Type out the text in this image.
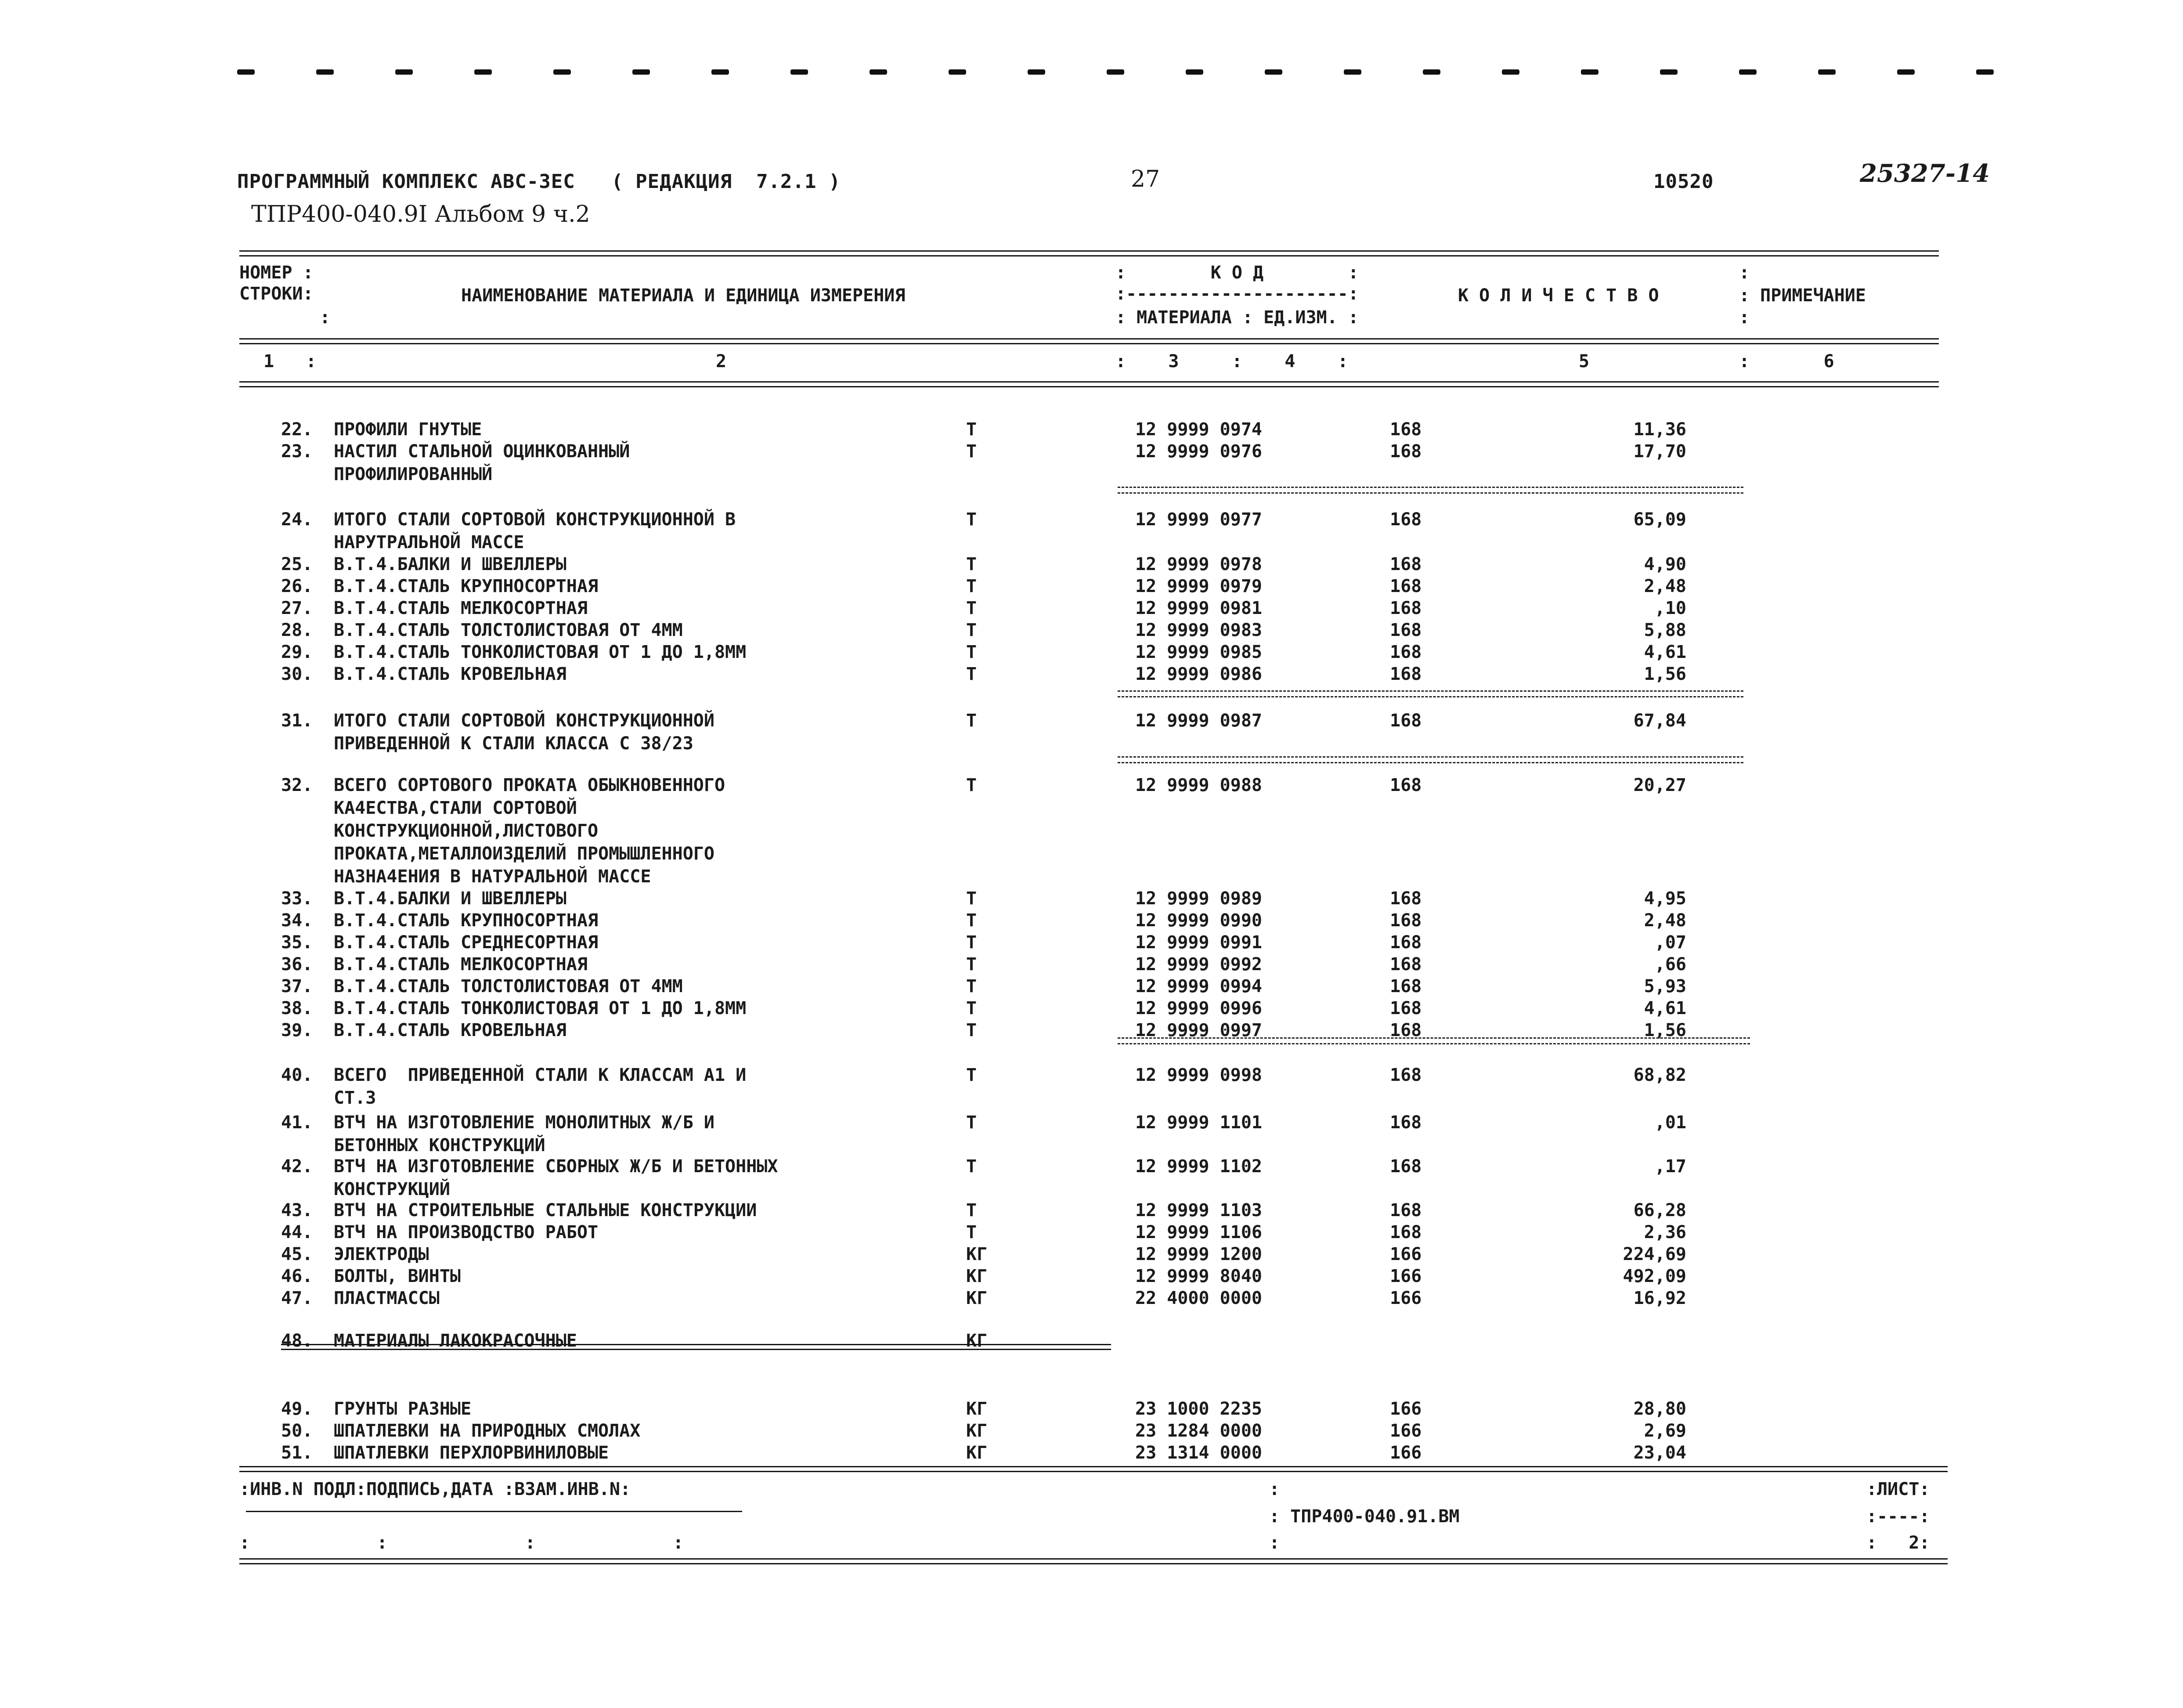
ПРОГРАММНЫЙ КОМПЛЕКС АВС-3ЕС   ( РЕДАКЦИЯ  7.2.1 )	27	10520	25327-14
ТПР400-040.9I Альбом 9 ч.2
НОМЕР :
СТРОКИ:
:
НАИМЕНОВАНИЕ МАТЕРИАЛА И ЕДИНИЦА ИЗМЕРЕНИЯ
:        К О Д        :
:---------------------:
: МАТЕРИАЛА : ЕД.ИЗМ. :
К О Л И Ч Е С Т В О
:
: ПРИМЕЧАНИЕ
:
1   :	2	:    3     :    4    :	5	:       6
22. ПРОФИЛИ ГНУТЫЕ	Т	12 9999 0974	168	11,36
23. НАСТИЛ СТАЛЬНОЙ ОЦИНКОВАННЫЙ
ПРОФИЛИРОВАННЫЙ
Т	12 9999 0976	168	17,70
24. ИТОГО СТАЛИ СОРТОВОЙ КОНСТРУКЦИОННОЙ В
НАРУТРАЛЬНОЙ МАССЕ
Т	12 9999 0977	168	65,09
25. В.Т.4.БАЛКИ И ШВЕЛЛЕРЫ	Т	12 9999 0978	168	4,90
26. В.Т.4.СТАЛЬ КРУПНОСОРТНАЯ	Т	12 9999 0979	168	2,48
27. В.Т.4.СТАЛЬ МЕЛКОСОРТНАЯ	Т	12 9999 0981	168	,10
28. В.Т.4.СТАЛЬ ТОЛСТОЛИСТОВАЯ ОТ 4ММ	Т	12 9999 0983	168	5,88
29. В.Т.4.СТАЛЬ ТОНКОЛИСТОВАЯ ОТ 1 ДО 1,8ММ	Т	12 9999 0985	168	4,61
30. В.Т.4.СТАЛЬ КРОВЕЛЬНАЯ	Т	12 9999 0986	168	1,56
31. ИТОГО СТАЛИ СОРТОВОЙ КОНСТРУКЦИОННОЙ
ПРИВЕДЕННОЙ К СТАЛИ КЛАССА С 38/23
Т	12 9999 0987	168	67,84
32. ВСЕГО СОРТОВОГО ПРОКАТА ОБЫКНОВЕННОГО
КА4ЕСТВА,СТАЛИ СОРТОВОЙ
КОНСТРУКЦИОННОЙ,ЛИСТОВОГО
ПРОКАТА,МЕТАЛЛОИЗДЕЛИЙ ПРОМЫШЛЕННОГО
НАЗНА4ЕНИЯ В НАТУРАЛЬНОЙ МАССЕ
Т	12 9999 0988	168	20,27
33. В.Т.4.БАЛКИ И ШВЕЛЛЕРЫ	Т	12 9999 0989	168	4,95
34. В.Т.4.СТАЛЬ КРУПНОСОРТНАЯ	Т	12 9999 0990	168	2,48
35. В.Т.4.СТАЛЬ СРЕДНЕСОРТНАЯ	Т	12 9999 0991	168	,07
36. В.Т.4.СТАЛЬ МЕЛКОСОРТНАЯ	Т	12 9999 0992	168	,66
37. В.Т.4.СТАЛЬ ТОЛСТОЛИСТОВАЯ ОТ 4ММ	Т	12 9999 0994	168	5,93
38. В.Т.4.СТАЛЬ ТОНКОЛИСТОВАЯ ОТ 1 ДО 1,8ММ	Т	12 9999 0996	168	4,61
39. В.Т.4.СТАЛЬ КРОВЕЛЬНАЯ	Т	12 9999 0997	168	1,56
40. ВСЕГО  ПРИВЕДЕННОЙ СТАЛИ К КЛАССАМ А1 И
СТ.3
Т	12 9999 0998	168	68,82
41. ВТЧ НА ИЗГОТОВЛЕНИЕ МОНОЛИТНЫХ Ж/Б И
БЕТОННЫХ КОНСТРУКЦИЙ
Т	12 9999 1101	168	,01
42. ВТЧ НА ИЗГОТОВЛЕНИЕ СБОРНЫХ Ж/Б И БЕТОННЫХ
КОНСТРУКЦИЙ
Т	12 9999 1102	168	,17
43. ВТЧ НА СТРОИТЕЛЬНЫЕ СТАЛЬНЫЕ КОНСТРУКЦИИ	Т	12 9999 1103	168	66,28
44. ВТЧ НА ПРОИЗВОДСТВО РАБОТ	Т	12 9999 1106	168	2,36
45. ЭЛЕКТРОДЫ	КГ	12 9999 1200	166	224,69
46. БОЛТЫ, ВИНТЫ	КГ	12 9999 8040	166	492,09
47. ПЛАСТМАССЫ	КГ	22 4000 0000	166	16,92
48. МАТЕРИАЛЫ ЛАКОКРАСОЧНЫЕ	КГ
49. ГРУНТЫ РАЗНЫЕ	КГ	23 1000 2235	166	28,80
50. ШПАТЛЕВКИ НА ПРИРОДНЫХ СМОЛАХ	КГ	23 1284 0000	166	2,69
51. ШПАТЛЕВКИ ПЕРХЛОРВИНИЛОВЫЕ	КГ	23 1314 0000	166	23,04
:ИНВ.N ПОДЛ:ПОДПИСЬ,ДАТА :ВЗАМ.ИНВ.N:	:
: ТПР400-040.91.ВМ
:
:ЛИСТ:
:----:
:            :             :             :	:   2:
